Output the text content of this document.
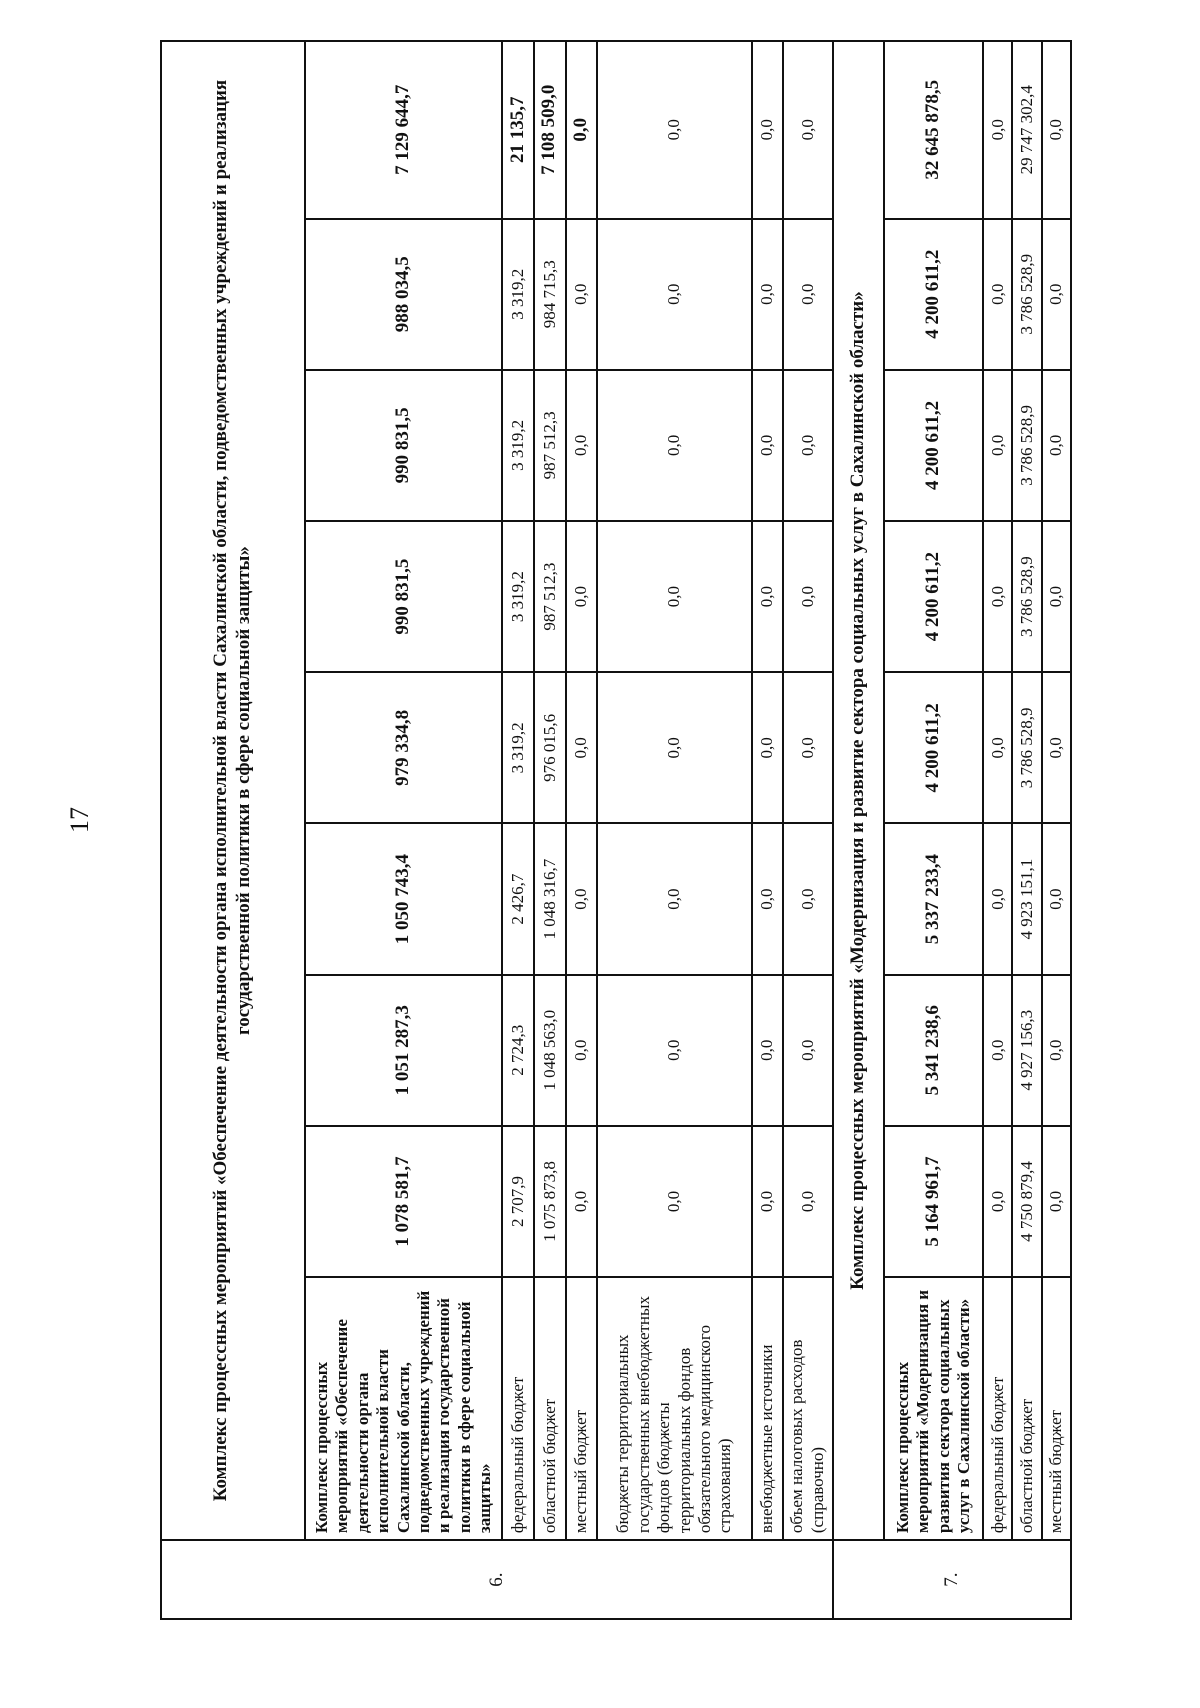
17
6.	Комплекс процессных мероприятий «Обеспечение деятельности органа исполнительной власти Сахалинской области, подведомственных учреждений и реализация государственной политики в сфере социальной защиты»								
	Комплекс процессных мероприятий «Обеспечение деятельности органа исполнительной власти Сахалинской области, подведомственных учреждений и реализация государственной политики в сфере социальной защиты»	1 078 581,7	1 051 287,3	1 050 743,4	979 334,8	990 831,5	990 831,5	988 034,5	7 129 644,7
	федеральный бюджет	2 707,9	2 724,3	2 426,7	3 319,2	3 319,2	3 319,2	3 319,2	21 135,7
	областной бюджет	1 075 873,8	1 048 563,0	1 048 316,7	976 015,6	987 512,3	987 512,3	984 715,3	7 108 509,0
	местный бюджет	0,0	0,0	0,0	0,0	0,0	0,0	0,0	0,0
	бюджеты территориальных государственных внебюджетных фондов (бюджеты территориальных фондов обязательного медицинского страхования)	0,0	0,0	0,0	0,0	0,0	0,0	0,0	0,0
	внебюджетные источники	0,0	0,0	0,0	0,0	0,0	0,0	0,0	0,0
	объем налоговых расходов (справочно)	0,0	0,0	0,0	0,0	0,0	0,0	0,0	0,0
7.	Комплекс процессных мероприятий «Модернизация и развитие сектора социальных услуг в Сахалинской области»								
	Комплекс процессных мероприятий «Модернизация и развития сектора социальных услуг в Сахалинской области»	5 164 961,7	5 341 238,6	5 337 233,4	4 200 611,2	4 200 611,2	4 200 611,2	4 200 611,2	32 645 878,5
	федеральный бюджет	0,0	0,0	0,0	0,0	0,0	0,0	0,0	0,0
	областной бюджет	4 750 879,4	4 927 156,3	4 923 151,1	3 786 528,9	3 786 528,9	3 786 528,9	3 786 528,9	29 747 302,4
	местный бюджет	0,0	0,0	0,0	0,0	0,0	0,0	0,0	0,0
